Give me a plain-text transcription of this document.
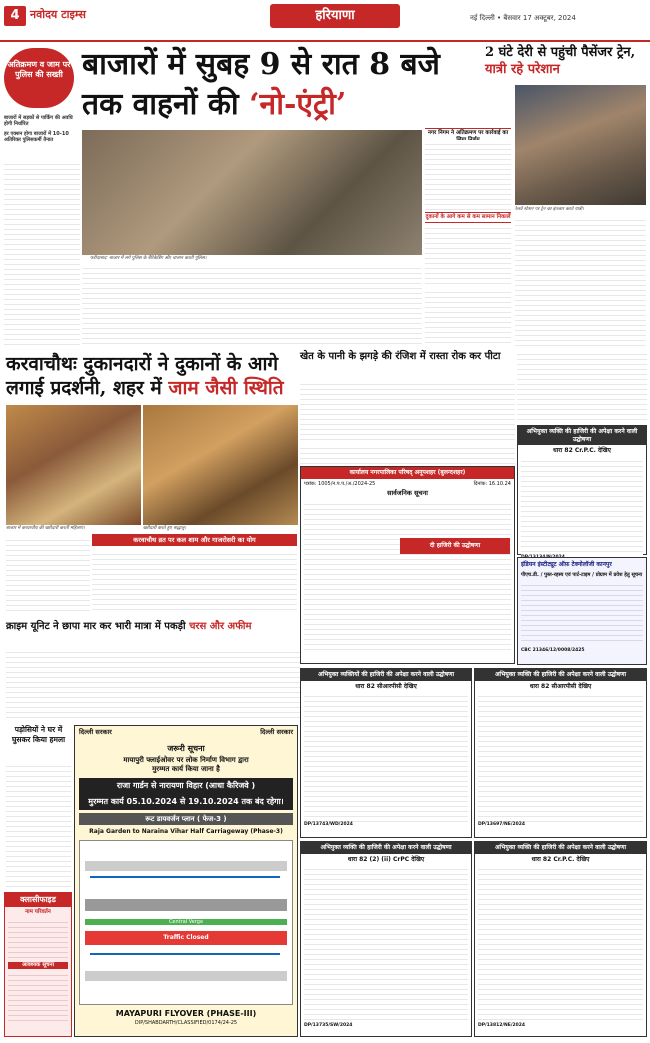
4 नवोदय टाइम्स	हरियाणा	नई दिल्ली • बैसवार 17 अक्टूबर, 2024
अतिक्रमण व जाम पर पुलिस की सख्ती बाजारों में सुबह 9 से रात 8 बजे तक वाहनों की ‘नो-एंट्री’
2 घंटे देरी से पहुंची पैसेंजर ट्रेन, यात्री रहे परेशान
बाजारों में सड़कों से पार्किंग की अवधि होगी निर्धारित
हर एक्शन होगा बाजारों में 10-10 अतिरिक्त पुलिसकर्मी तैनात
फरीदाबाद: बाजार में लगे पुलिस के बैरिकेडिंग और चालान करती पुलिस।
नगर निगम ने अतिक्रमण पर कार्रवाई का
दुकानों के आगे कम से कम सामान निकालें
रेलवे स्टेशन पर ट्रेन का इंतजार करते यात्री।
खेत के पानी के झगड़े की रंजिश में रास्ता रोक कर पीटा
करवाचौथः दुकानदारों ने दुकानों के आगे लगाई प्रदर्शनी, शहर में जाम जैसी स्थिति
बाजार में करवाचौथ की खरीदारी करतीं महिलाएं।	खरीदारी करते हुए श्रद्धालु।
करवाचौथ व्रत पर कल शाम और गाजरोसरी का योग
क्राइम यूनिट ने छापा मार कर भारी मात्रा में पकड़ी चरस और अफीम
पड़ोसियों ने घर में घुसकर किया हमला
क्लासीफाइड
नाम परिवर्तन
आवश्यक सूचना
दिल्ली सरकार	दिल्ली सरकार
जरूरी सूचना
मायापुरी फ्लाईओवर पर लोक निर्माण विभाग द्वारा
मुरम्मत कार्य किया जाना है
राजा गार्डन से नारायणा विहार (आधा कैरिजवे )
मुरम्मत कार्य 05.10.2024 से 19.10.2024 तक बंद रहेगा।
रूट डायवर्जन प्लान ( फेज-3 )
Raja Garden to Naraina Vihar Half Carriageway (Phase-3)
Central Verge
Traffic Closed
MAYAPURI FLYOVER (PHASE-III)
DIP/SHABDARTH/CLASSIFIED/0174/24-25
कार्यालय नगरपालिका परिषद् अनूपशहर (बुलन्दशहर)
पत्रांक: 1005/न.प.प./अ./2024-25	दिनांक: 16.10.24
सार्वजनिक सूचना
दी हाजिरी की उद्घोषणा
अभियुक्त व्यक्ति की हाजिरी की अपेक्षा करने वाली उद्घोषणा
धारा 82 Cr.P.C. देखिए
इंडियन इंस्टीट्यूट ऑफ़ टेक्नोलॉजी कानपुर
पीएच.डी. / पुस्त-रहस्य एवं पार्ट-टाइम / प्रोग्राम में प्रवेश हेतु सूचना
CBC 21346/12/0008/2425
अभियुक्त व्यक्तियों की हाजिरी की अपेक्षा करने वाली उद्घोषणा
धारा 82 सीआरपीसी देखिए
DP/13743/WD/2024
अभियुक्त व्यक्ति की हाजिरी की अपेक्षा करने वाली उद्घोषणा
धारा 82 सीआरपीसी देखिए
DP/13697/NE/2024
अभियुक्त व्यक्ति की हाजिरी की अपेक्षा करने वाली उद्घोषणा
धारा 82 (2) (ii) CrPC देखिए
DP/13735/SW/2024
अभियुक्त व्यक्ति की हाजिरी की अपेक्षा करने वाली उद्घोषणा
धारा 82 Cr.P.C. देखिए
DP/13812/NE/2024
